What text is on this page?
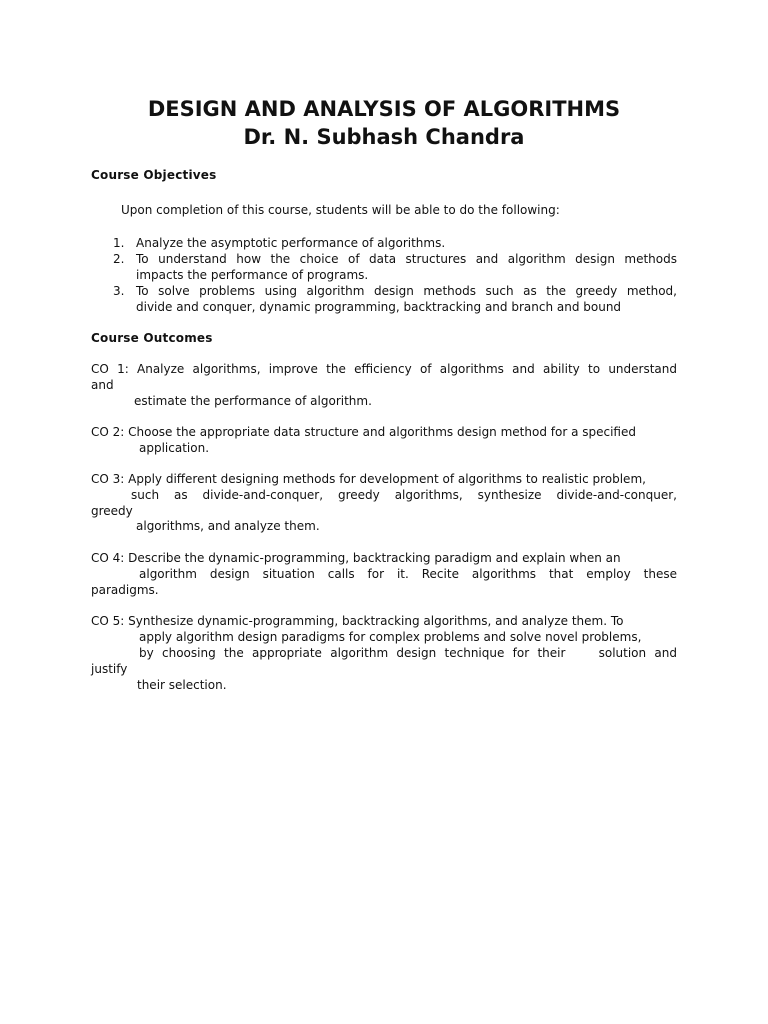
DESIGN AND ANALYSIS OF ALGORITHMS
Dr. N. Subhash Chandra
Course Objectives

Upon completion of this course, students will be able to do the following:

1. Analyze the asymptotic performance of algorithms.

2. To understand how the choice of data structures and algorithm design methods

impacts the performance of programs.

3. To solve problems using algorithm design methods such as the greedy method,

divide and conquer, dynamic programming, backtracking and branch and bound

Course Outcomes

CO 1: Analyze algorithms, improve the efficiency of algorithms and ability to understand

and

estimate the performance of algorithm.

CO 2: Choose the appropriate data structure and algorithms design method for a specified

application.

CO 3: Apply different designing methods for development of algorithms to realistic problem,

such as divide-and-conquer, greedy algorithms, synthesize divide-and-conquer,

greedy

algorithms, and analyze them.

CO 4: Describe the dynamic-programming, backtracking paradigm and explain when an

algorithm design situation calls for it. Recite algorithms that employ these

paradigms.

CO 5: Synthesize dynamic-programming, backtracking algorithms, and analyze them. To

apply algorithm design paradigms for complex problems and solve novel problems,

by choosing the appropriate algorithm design technique for their    solution and

justify

their selection.
